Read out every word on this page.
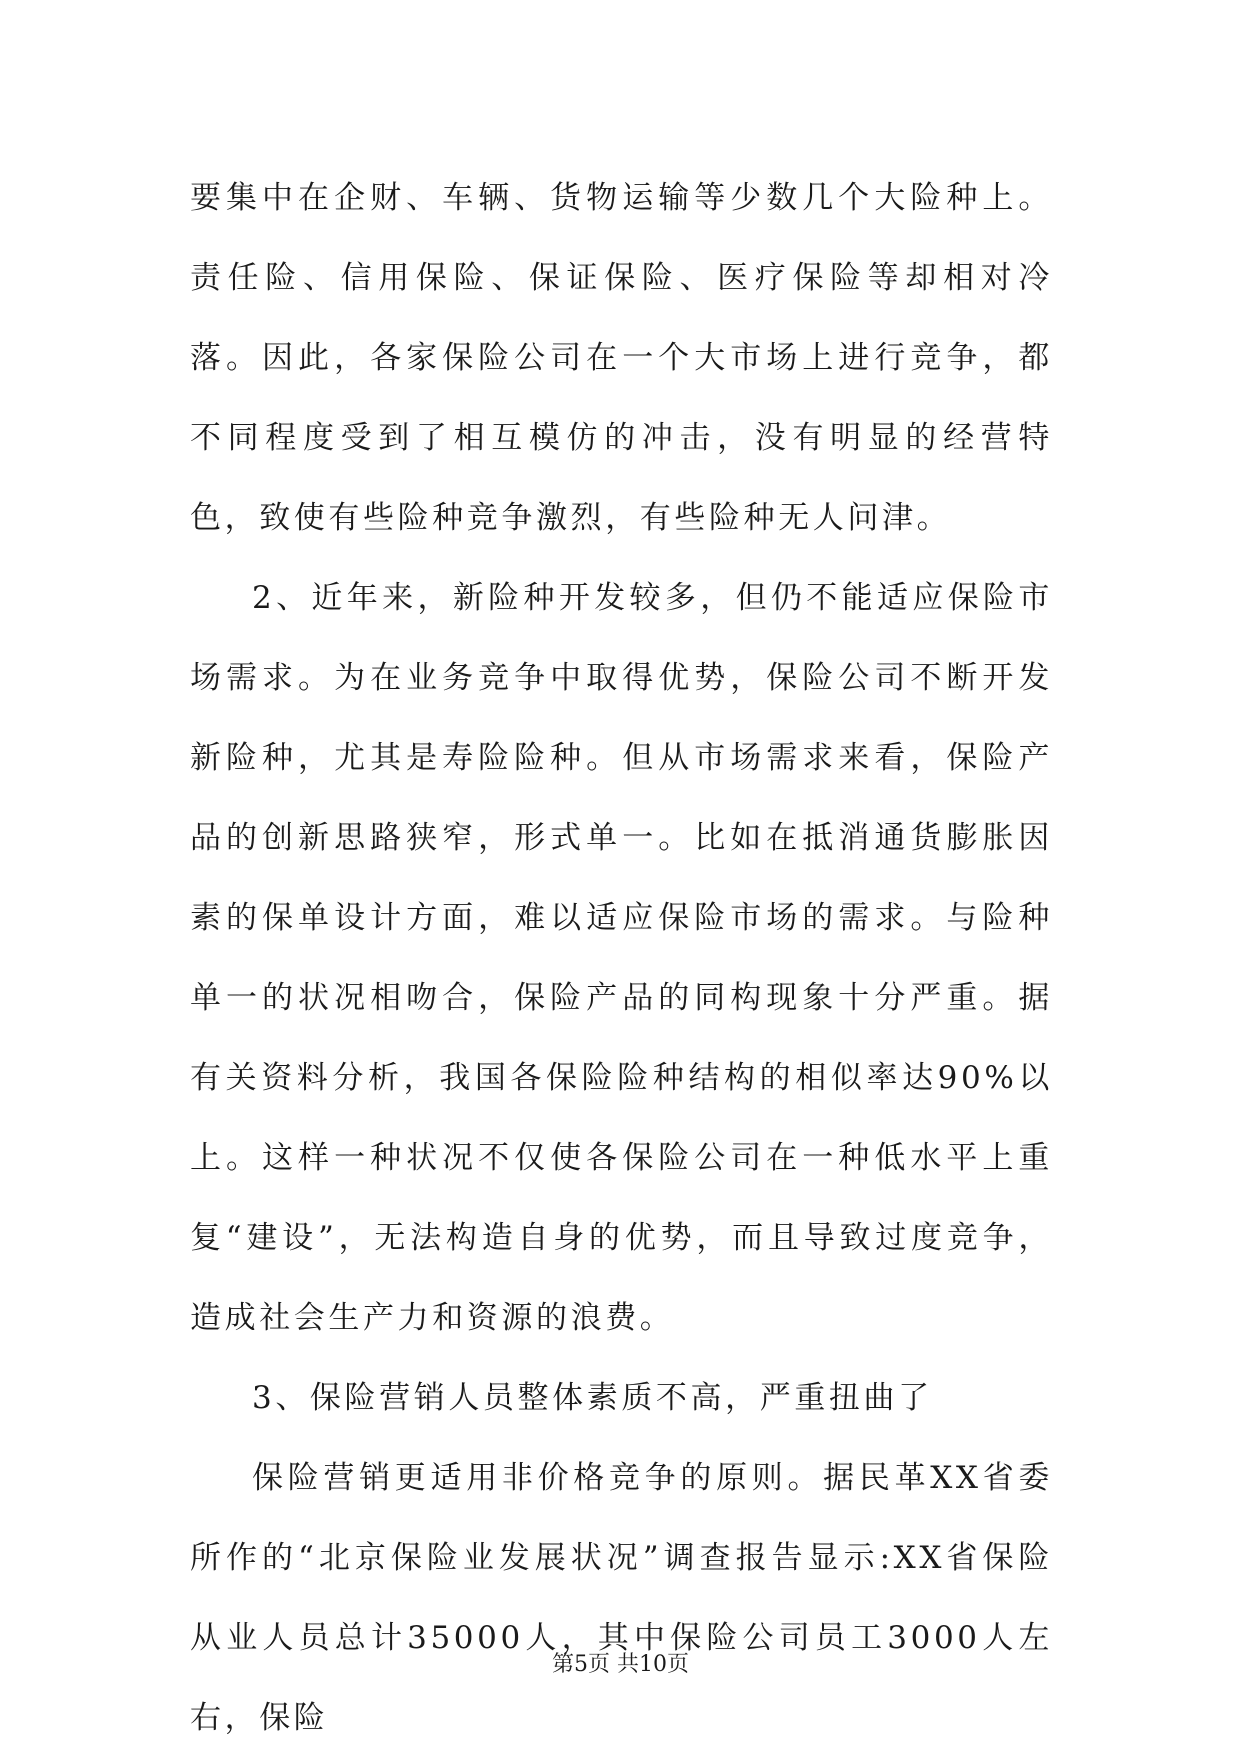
要集中在企财、车辆、货物运输等少数几个大险种上。责任险、信用保险、保证保险、医疗保险等却相对冷落。因此，各家保险公司在一个大市场上进行竞争，都不同程度受到了相互模仿的冲击，没有明显的经营特色，致使有些险种竞争激烈，有些险种无人问津。

2、近年来，新险种开发较多，但仍不能适应保险市场需求。为在业务竞争中取得优势，保险公司不断开发新险种，尤其是寿险险种。但从市场需求来看，保险产品的创新思路狭窄，形式单一。比如在抵消通货膨胀因素的保单设计方面，难以适应保险市场的需求。与险种单一的状况相吻合，保险产品的同构现象十分严重。据有关资料分析，我国各保险险种结构的相似率达90%以上。这样一种状况不仅使各保险公司在一种低水平上重复“建设”，无法构造自身的优势，而且导致过度竞争，造成社会生产力和资源的浪费。

3、保险营销人员整体素质不高，严重扭曲了

保险营销更适用非价格竞争的原则。据民革XX省委所作的“北京保险业发展状况”调查报告显示:XX省保险从业人员总计35000人，其中保险公司员工3000人左右，保险

第5页 共10页
